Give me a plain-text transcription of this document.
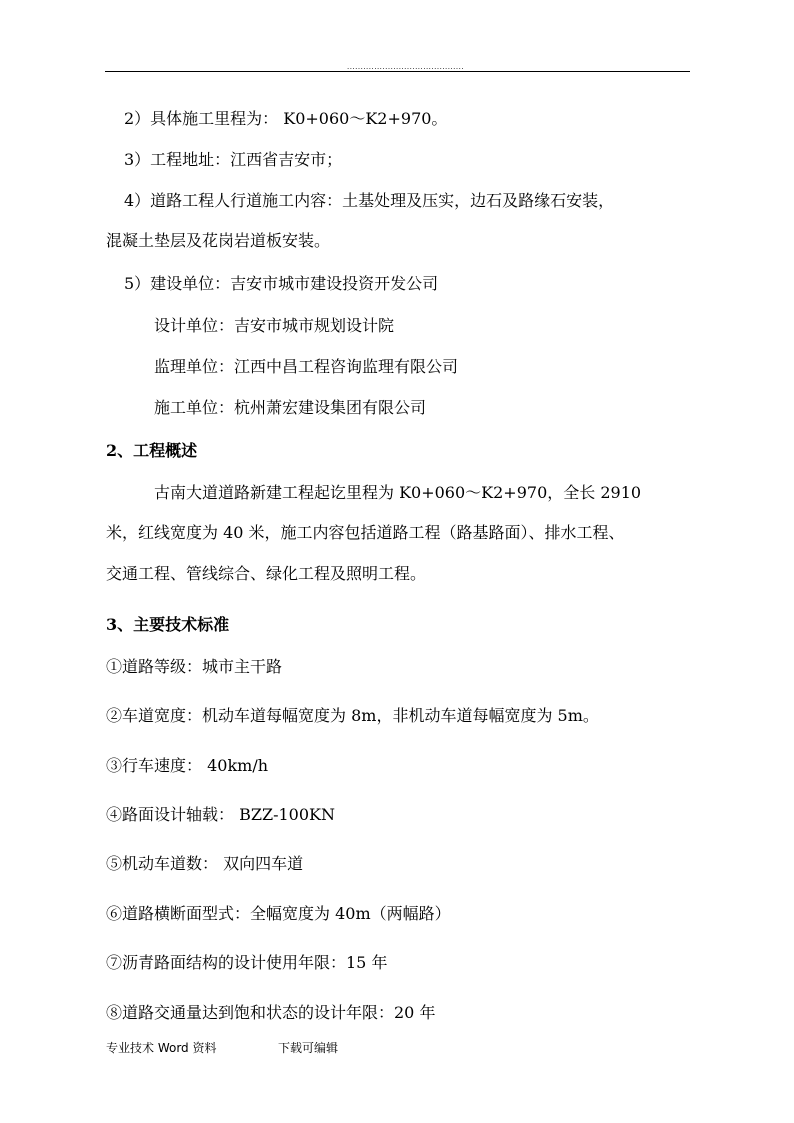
...........................................
2）具体施工里程为： K0+060～K2+970。
3）工程地址：江西省吉安市；
4）道路工程人行道施工内容：土基处理及压实，边石及路缘石安装，
混凝土垫层及花岗岩道板安装。
5）建设单位：吉安市城市建设投资开发公司
设计单位：吉安市城市规划设计院
监理单位：江西中昌工程咨询监理有限公司
施工单位：杭州萧宏建设集团有限公司
2、工程概述
古南大道道路新建工程起讫里程为 K0+060～K2+970，全长 2910
米，红线宽度为 40 米，施工内容包括道路工程（路基路面）、排水工程、
交通工程、管线综合、绿化工程及照明工程。
3、主要技术标准
①道路等级：城市主干路
②车道宽度：机动车道每幅宽度为 8m，非机动车道每幅宽度为 5m。
③行车速度： 40km/h
④路面设计轴载： BZZ-100KN
⑤机动车道数： 双向四车道
⑥道路横断面型式：全幅宽度为 40m（两幅路）
⑦沥青路面结构的设计使用年限：15 年
⑧道路交通量达到饱和状态的设计年限：20 年
专业技术 Word 资料	下载可编辑
